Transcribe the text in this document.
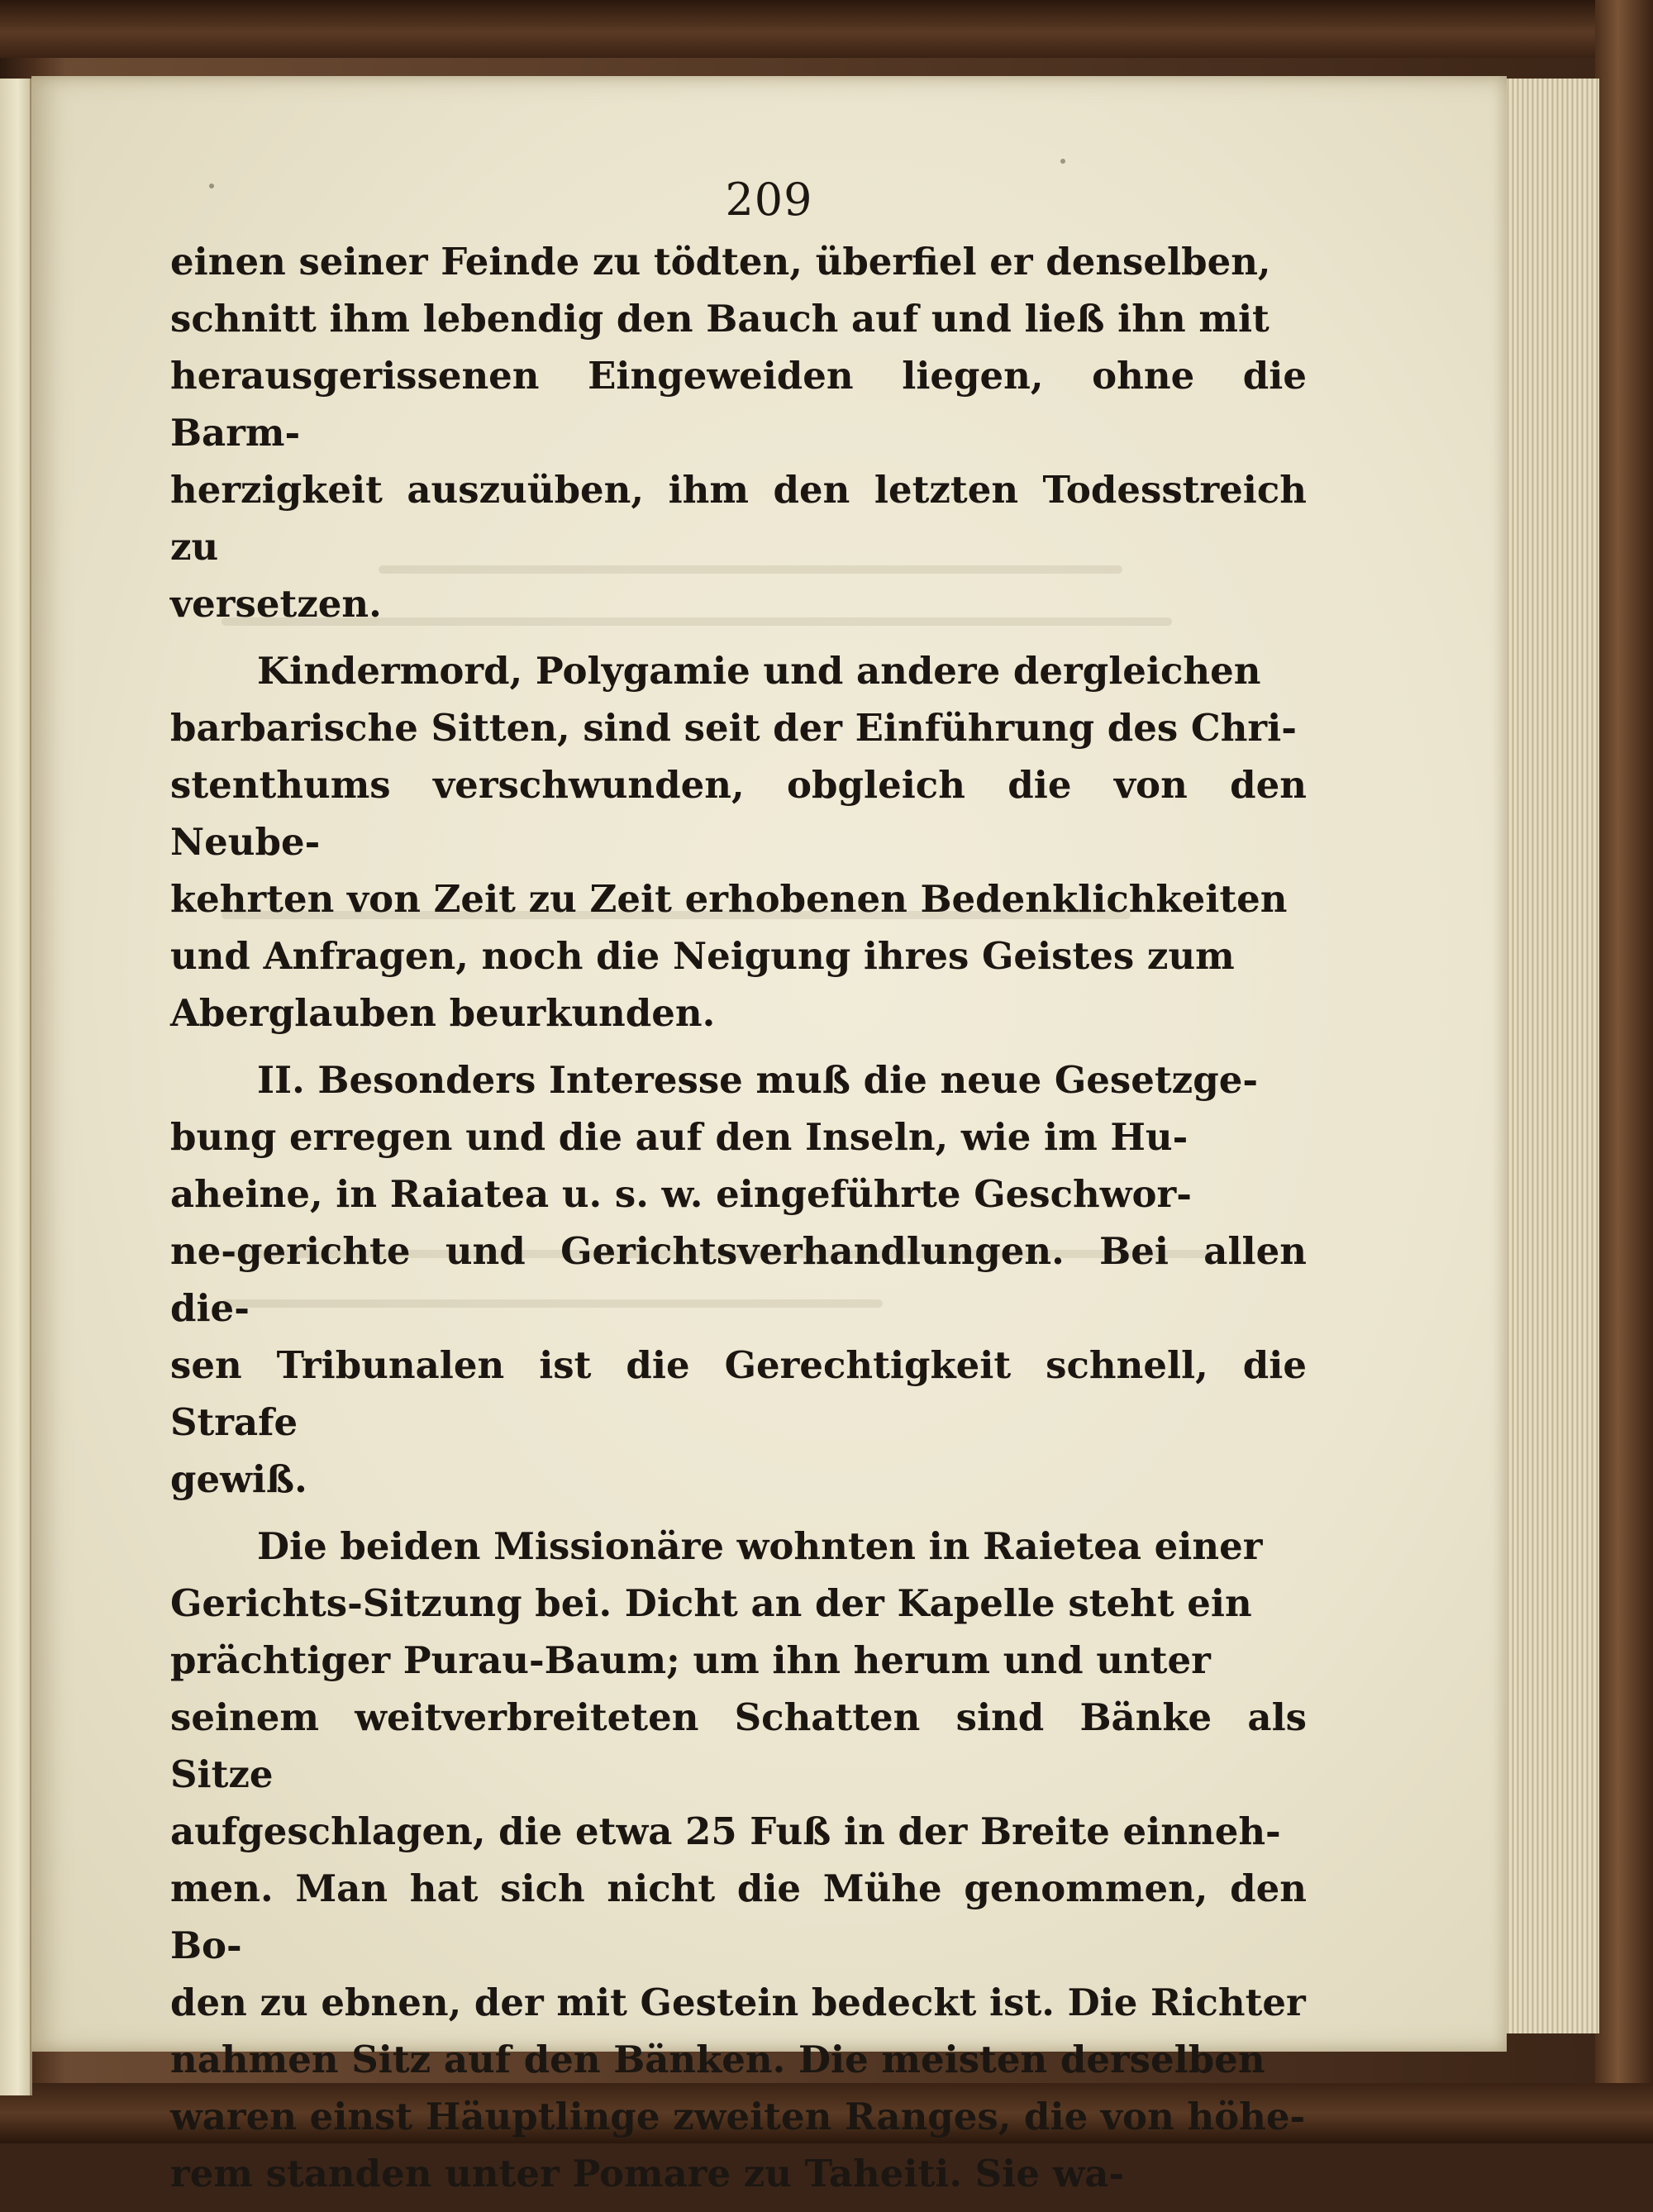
209

einen seiner Feinde zu tödten, überfiel er denselben,
schnitt ihm lebendig den Bauch auf und ließ ihn mit
herausgerissenen Eingeweiden liegen, ohne die Barm-
herzigkeit auszuüben, ihm den letzten Todesstreich zu
versetzen.

Kindermord, Polygamie und andere dergleichen
barbarische Sitten, sind seit der Einführung des Chri-
stenthums verschwunden, obgleich die von den Neube-
kehrten von Zeit zu Zeit erhobenen Bedenklichkeiten
und Anfragen, noch die Neigung ihres Geistes zum
Aberglauben beurkunden.

II. Besonders Interesse muß die neue Gesetzge-
bung erregen und die auf den Inseln, wie im Hu-
aheine, in Raiatea u. s. w. eingeführte Geschwor-
ne-gerichte und Gerichtsverhandlungen. Bei allen die-
sen Tribunalen ist die Gerechtigkeit schnell, die Strafe
gewiß.

Die beiden Missionäre wohnten in Raietea einer
Gerichts-Sitzung bei. Dicht an der Kapelle steht ein
prächtiger Purau-Baum; um ihn herum und unter
seinem weitverbreiteten Schatten sind Bänke als Sitze
aufgeschlagen, die etwa 25 Fuß in der Breite einneh-
men. Man hat sich nicht die Mühe genommen, den Bo-
den zu ebnen, der mit Gestein bedeckt ist. Die Richter
nahmen Sitz auf den Bänken. Die meisten derselben
waren einst Häuptlinge zweiten Ranges, die von höhe-
rem standen unter Pomare zu Taheiti. Sie wa-
